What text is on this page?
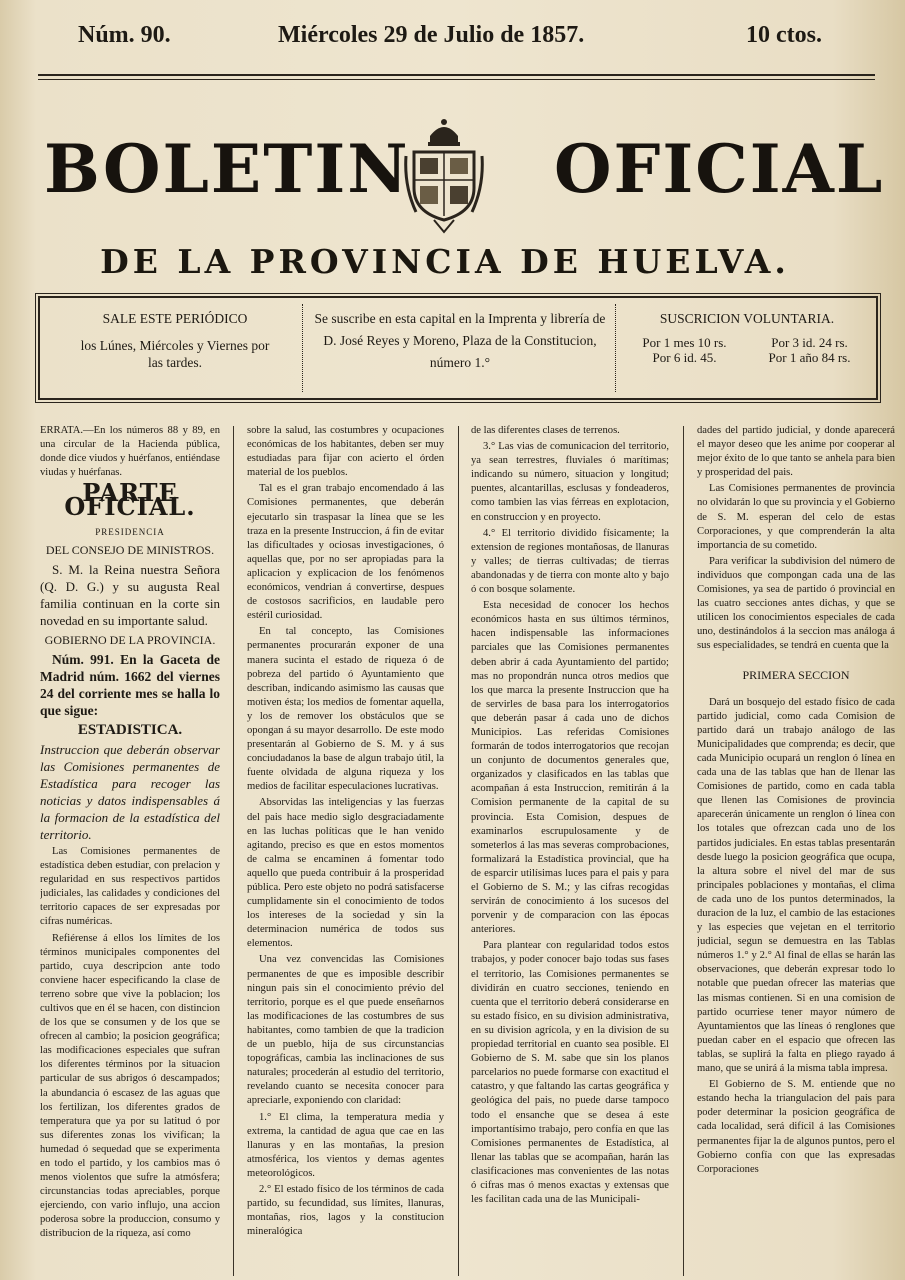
Núm. 90.	Miércoles 29 de Julio de 1857.	10 ctos.
BOLETIN OFICIAL
DE LA PROVINCIA DE HUELVA.
SALE ESTE PERIÓDICO
los Lúnes, Miércoles y Viernes por las tardes.
Se suscribe en esta capital en la Imprenta y librería de D. José Reyes y Moreno, Plaza de la Constitucion, número 1.°
SUSCRICION VOLUNTARIA.
Por 1 mes 10 rs.	Por 3 id. 24 rs.
Por 6 id. 45.	Por 1 año 84 rs.

ERRATA.—En los números 88 y 89, en una circular de la Hacienda pública, donde dice viudos y huérfanos, entiéndase viudas y huérfanas.

PARTE OFICIAL.

PRESIDENCIA

DEL CONSEJO DE MINISTROS.

S. M. la Reina nuestra Señora (Q. D. G.) y su augusta Real familia continuan en la corte sin novedad en su importante salud.

GOBIERNO DE LA PROVINCIA.

Núm. 991. En la Gaceta de Madrid núm. 1662 del viernes 24 del corriente mes se halla lo que sigue:

ESTADISTICA.

Instruccion que deberán observar las Comisiones permanentes de Estadística para recoger las noticias y datos indispensables á la formacion de la estadística del territorio.

Las Comisiones permanentes de estadística deben estudiar, con prelacion y regularidad en sus respectivos partidos judiciales, las calidades y condiciones del territorio capaces de ser expresadas por cifras numéricas.

Refiérense á ellos los límites de los términos municipales componentes del partido, cuya descripcion ante todo conviene hacer especificando la clase de terreno sobre que vive la poblacion; los cultivos que en él se hacen, con distincion de los que se consumen y de los que se ofrecen al cambio; la posicion geográfica; las modificaciones especiales que sufran los diferentes términos por la situacion particular de sus abrigos ó descampados; la abundancia ó escasez de las aguas que los fertilizan, los diferentes grados de temperatura que ya por su latitud ó por sus diferentes zonas los vivifican; la humedad ó sequedad que se experimenta en todo el partido, y los cambios mas ó menos violentos que sufre la atmósfera; circunstancias todas apreciables, porque ejerciendo, con vario influjo, una accion poderosa sobre la produccion, consumo y distribucion de la riqueza, así como

sobre la salud, las costumbres y ocupaciones económicas de los habitantes, deben ser muy estudiadas para fijar con acierto el órden material de los pueblos.

Tal es el gran trabajo encomendado á las Comisiones permanentes, que deberán ejecutarlo sin traspasar la línea que se les traza en la presente Instruccion, á fin de evitar las dificultades y ociosas investigaciones, ó aquellas que, por no ser apropiadas para la aplicacion y explicacion de los fenómenos económicos, vendrian á convertirse, despues de costosos sacrificios, en laudable pero estéril curiosidad.

En tal concepto, las Comisiones permanentes procurarán exponer de una manera sucinta el estado de riqueza ó de pobreza del partido ó Ayuntamiento que describan, indicando asimismo las causas que motiven ésta; los medios de fomentar aquella, y los de remover los obstáculos que se opongan á su mayor desarrollo. De este modo presentarán al Gobierno de S. M. y á sus conciudadanos la base de algun trabajo útil, la fuente olvidada de alguna riqueza y los medios de facilitar especulaciones lucrativas.

Absorvidas las inteligencias y las fuerzas del pais hace medio siglo desgraciadamente en las luchas políticas que le han venido agitando, preciso es que en estos momentos de calma se encaminen á fomentar todo aquello que pueda contribuir á la prosperidad pública. Pero este objeto no podrá satisfacerse cumplidamente sin el conocimiento de todos los intereses de la sociedad y sin la determinacion numérica de todos sus elementos.

Una vez convencidas las Comisiones permanentes de que es imposible describir ningun pais sin el conocimiento prévio del territorio, porque es el que puede enseñarnos las modificaciones de las costumbres de sus habitantes, como tambien de que la tradicion de un pueblo, hija de sus circunstancias topográficas, cambia las inclinaciones de sus naturales; procederán al estudio del territorio, revelando cuanto se necesita conocer para apreciarle, exponiendo con claridad:

1.° El clima, la temperatura media y extrema, la cantidad de agua que cae en las llanuras y en las montañas, la presion atmosférica, los vientos y demas agentes meteorológicos.

2.° El estado físico de los términos de cada partido, su fecundidad, sus límites, llanuras, montañas, rios, lagos y la constitucion mineralógica

de las diferentes clases de terrenos.

3.° Las vias de comunicacion del territorio, ya sean terrestres, fluviales ó marítimas; indicando su número, situacion y longitud; puentes, alcantarillas, esclusas y fondeaderos, como tambien las vias férreas en explotacion, en construccion y en proyecto.

4.° El territorio dividido físicamente; la extension de regiones montañosas, de llanuras y valles; de tierras cultivadas; de tierras abandonadas y de tierra con monte alto y bajo ó con bosque solamente.

Esta necesidad de conocer los hechos económicos hasta en sus últimos términos, hacen indispensable las informaciones parciales que las Comisiones permanentes deben abrir á cada Ayuntamiento del partido; mas no propondrán nunca otros medios que los que marca la presente Instruccion que ha de servirles de basa para los interrogatorios que deberán pasar á cada uno de dichos Municipios. Las referidas Comisiones formarán de todos interrogatorios que recojan un conjunto de documentos generales que, organizados y clasificados en las tablas que acompañan á esta Instruccion, remitirán á la Comision permanente de la capital de su provincia. Esta Comision, despues de examinarlos escrupulosamente y de someterlos á las mas severas comprobaciones, formalizará la Estadística provincial, que ha de esparcir utilísimas luces para el pais y para el Gobierno de S. M.; y las cifras recogidas servirán de conocimiento á los sucesos del porvenir y de comparacion con las épocas anteriores.

Para plantear con regularidad todos estos trabajos, y poder conocer bajo todas sus fases el territorio, las Comisiones permanentes se dividirán en cuatro secciones, teniendo en cuenta que el territorio deberá considerarse en su estado físico, en su division administrativa, en su division agrícola, y en la division de su propiedad territorial en cuanto sea posible. El Gobierno de S. M. sabe que sin los planos parcelarios no puede formarse con exactitud el catastro, y que faltando las cartas geográfica y geológica del pais, no puede darse tampoco todo el ensanche que se desea á este importantísimo trabajo, pero confía en que las Comisiones permanentes de Estadística, al llenar las tablas que se acompañan, harán las clasificaciones mas convenientes de las notas ó cifras mas ó menos exactas y extensas que les facilitan cada una de las Municipali-

dades del partido judicial, y donde aparecerá el mayor deseo que les anime por cooperar al mejor éxito de lo que tanto se anhela para bien y prosperidad del pais.

Las Comisiones permanentes de provincia no olvidarán lo que su provincia y el Gobierno de S. M. esperan del celo de estas Corporaciones, y que comprenderán la alta importancia de su cometido.

Para verificar la subdivision del número de individuos que compongan cada una de las Comisiones, ya sea de partido ó provincial en las cuatro secciones antes dichas, y que se utilicen los conocimientos especiales de cada uno, destinándolos á la seccion mas análoga á sus especialidades, se tendrá en cuenta que la

PRIMERA SECCION

Dará un bosquejo del estado físico de cada partido judicial, como cada Comision de partido dará un trabajo análogo de las Municipalidades que comprenda; es decir, que cada Municipio ocupará un renglon ó línea en cada una de las tablas que han de llenar las Comisiones de partido, como en cada tabla que llenen las Comisiones de provincia aparecerán únicamente un renglon ó línea con los totales que ofrezcan cada uno de los partidos judiciales. En estas tablas presentarán desde luego la posicion geográfica que ocupa, la altura sobre el nivel del mar de sus principales poblaciones y montañas, el clima de cada uno de los puntos determinados, la duracion de la luz, el cambio de las estaciones y las especies que vejetan en el territorio judicial, segun se demuestra en las Tablas números 1.° y 2.° Al final de ellas se harán las observaciones, que deberán expresar todo lo notable que puedan ofrecer las materias que las mismas contienen. Si en una comision de partido ocurriese tener mayor número de Ayuntamientos que las líneas ó renglones que puedan caber en el espacio que ofrecen las tablas, se suplirá la falta en pliego rayado á mano, que se unirá á la misma tabla impresa.

El Gobierno de S. M. entiende que no estando hecha la triangulacion del pais para poder determinar la posicion geográfica de cada localidad, será difícil á las Comisiones permanentes fijar la de algunos puntos, pero el Gobierno confía con que las expresadas Corporaciones
